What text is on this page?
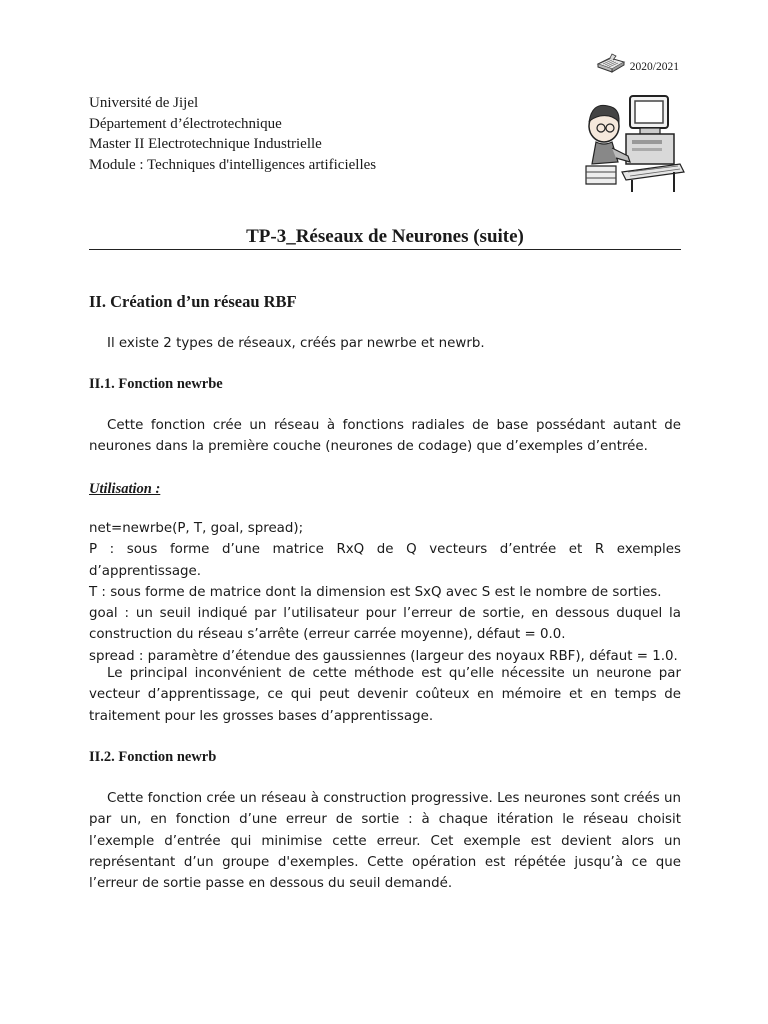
2020/2021
Université de Jijel
Département d’électrotechnique
Master II Electrotechnique Industrielle
Module : Techniques d'intelligences artificielles
TP-3_Réseaux de Neurones (suite)
II. Création d’un réseau RBF

Il existe 2 types de réseaux, créés par newrbe et newrb.

II.1. Fonction newrbe

Cette fonction crée un réseau à fonctions radiales de base possédant autant de neurones dans la première couche (neurones de codage) que d’exemples d’entrée.

Utilisation :
net=newrbe(P, T, goal, spread);
P : sous forme d’une matrice RxQ de Q vecteurs d’entrée et R exemples d’apprentissage.
T : sous forme de matrice dont la dimension est SxQ avec S est le nombre de sorties.
goal : un seuil indiqué par l’utilisateur pour l’erreur de sortie, en dessous duquel la construction du réseau s’arrête (erreur carrée moyenne), défaut = 0.0.
spread : paramètre d’étendue des gaussiennes (largeur des noyaux RBF), défaut = 1.0.

Le principal inconvénient de cette méthode est qu’elle nécessite un neurone par vecteur d’apprentissage, ce qui peut devenir coûteux en mémoire et en temps de traitement pour les grosses bases d’apprentissage.

II.2. Fonction newrb

Cette fonction crée un réseau à construction progressive. Les neurones sont créés un par un, en fonction d’une erreur de sortie : à chaque itération le réseau choisit l’exemple d’entrée qui minimise cette erreur. Cet exemple est devient alors un représentant d’un groupe d'exemples. Cette opération est répétée jusqu’à ce que l’erreur de sortie passe en dessous du seuil demandé.
